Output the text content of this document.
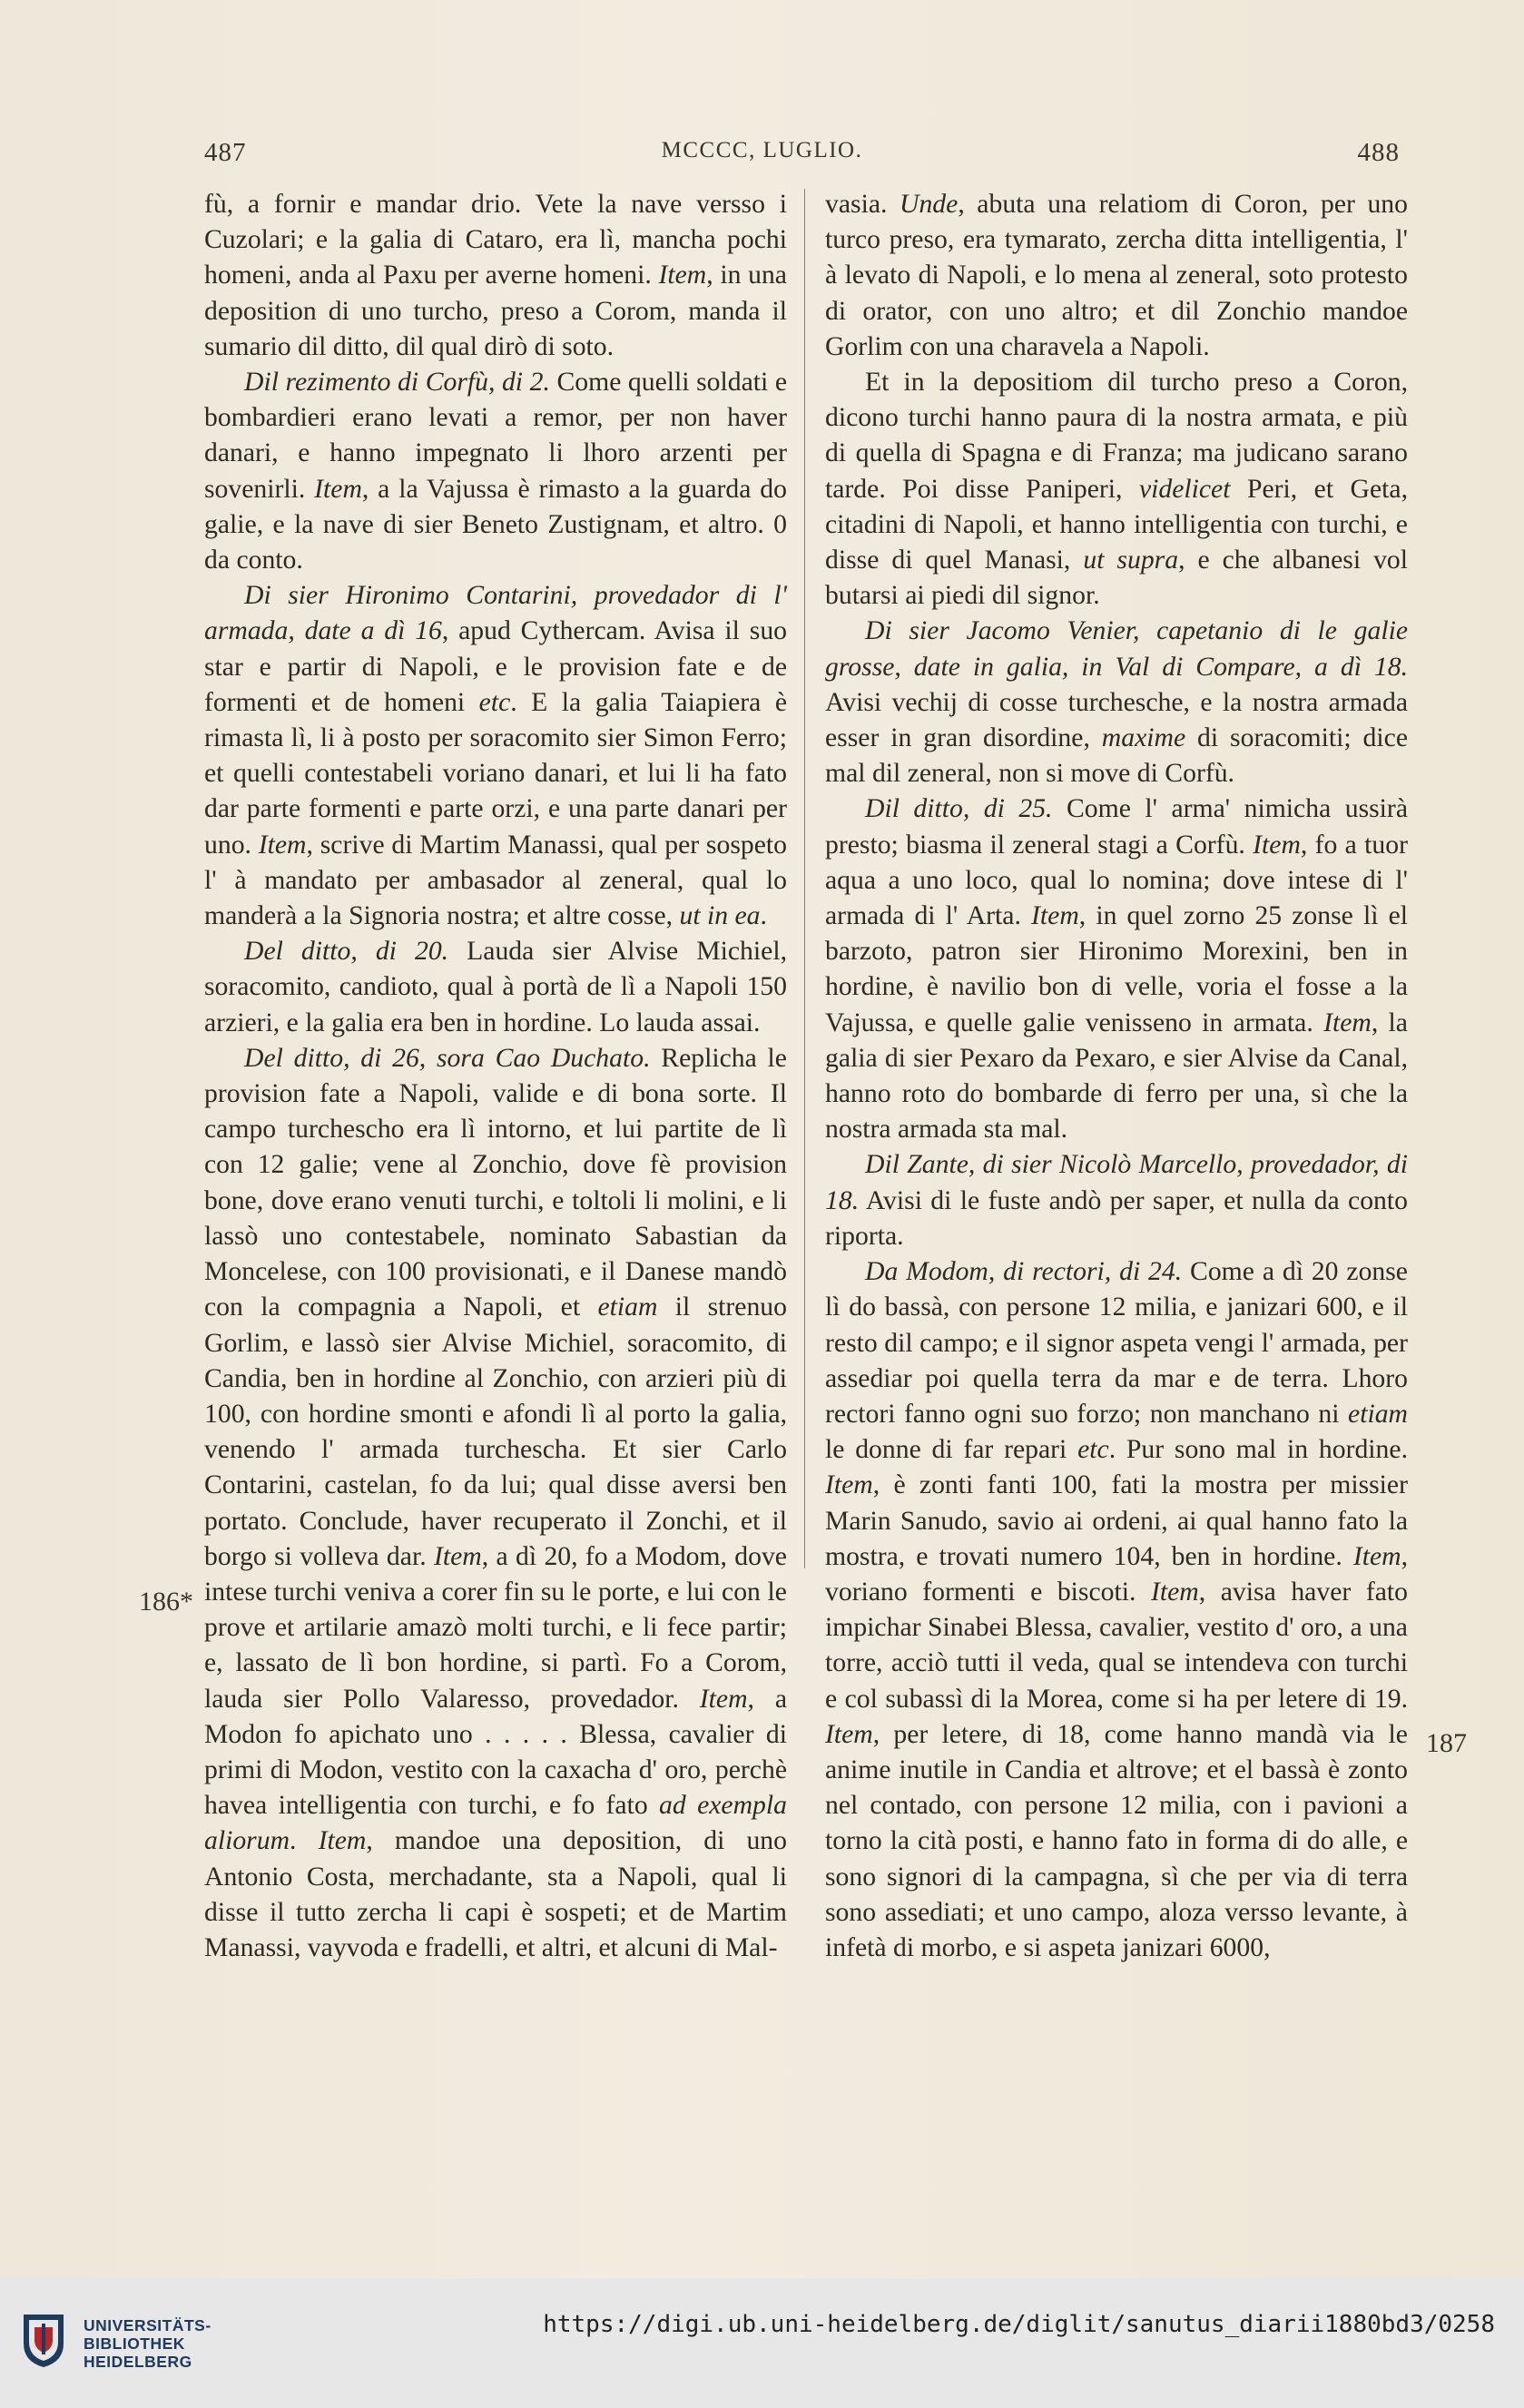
487	MCCCC, LUGLIO.	488

fù, a fornir e mandar drio. Vete la nave versso i Cuzolari; e la galia di Cataro, era lì, mancha pochi homeni, anda al Paxu per averne homeni. Item, in una deposition di uno turcho, preso a Corom, manda il sumario dil ditto, dil qual dirò di soto.

Dil rezimento di Corfù, di 2. Come quelli soldati e bombardieri erano levati a remor, per non haver danari, e hanno impegnato li lhoro arzenti per sovenirli. Item, a la Vajussa è rimasto a la guarda do galie, e la nave di sier Beneto Zustignam, et altro. 0 da conto.

Di sier Hironimo Contarini, provedador di l' armada, date a dì 16, apud Cythercam. Avisa il suo star e partir di Napoli, e le provision fate e de formenti et de homeni etc. E la galia Taiapiera è rimasta lì, li à posto per soracomito sier Simon Ferro; et quelli contestabeli voriano danari, et lui li ha fato dar parte formenti e parte orzi, e una parte danari per uno. Item, scrive di Martim Manassi, qual per sospeto l' à mandato per ambasador al zeneral, qual lo manderà a la Signoria nostra; et altre cosse, ut in ea.

Del ditto, di 20. Lauda sier Alvise Michiel, soracomito, candioto, qual à portà de lì a Napoli 150 arzieri, e la galia era ben in hordine. Lo lauda assai.

Del ditto, di 26, sora Cao Duchato. Replicha le provision fate a Napoli, valide e di bona sorte. Il campo turchescho era lì intorno, et lui partite de lì con 12 galie; vene al Zonchio, dove fè provision bone, dove erano venuti turchi, e toltoli li molini, e li lassò uno contestabele, nominato Sabastian da Moncelese, con 100 provisionati, e il Danese mandò con la compagnia a Napoli, et etiam il strenuo Gorlim, e lassò sier Alvise Michiel, soracomito, di Candia, ben in hordine al Zonchio, con arzieri più di 100, con hordine smonti e afondi lì al porto la galia, venendo l' armada turchescha. Et sier Carlo Contarini, castelan, fo da lui; qual disse aversi ben portato. Conclude, haver recuperato il Zonchi, et il borgo si volleva dar. Item, a dì 20, fo a Modom, dove intese turchi veniva a corer fin su le porte, e lui con le prove et artilarie amazò molti turchi, e li fece partir; e, lassato de lì bon hordine, si partì. Fo a Corom, lauda sier Pollo Valaresso, provedador. Item, a Modon fo apichato uno . . . . . Blessa, cavalier di primi di Modon, vestito con la caxacha d' oro, perchè havea intelligentia con turchi, e fo fato ad exempla aliorum. Item, mandoe una deposition, di uno Antonio Costa, merchadante, sta a Napoli, qual li disse il tutto zercha li capi è sospeti; et de Martim Manassi, vayvoda e fradelli, et altri, et alcuni di Mal-

vasia. Unde, abuta una relatiom di Coron, per uno turco preso, era tymarato, zercha ditta intelligentia, l' à levato di Napoli, e lo mena al zeneral, soto protesto di orator, con uno altro; et dil Zonchio mandoe Gorlim con una charavela a Napoli.

Et in la depositiom dil turcho preso a Coron, dicono turchi hanno paura di la nostra armata, e più di quella di Spagna e di Franza; ma judicano sarano tarde. Poi disse Paniperi, videlicet Peri, et Geta, citadini di Napoli, et hanno intelligentia con turchi, e disse di quel Manasi, ut supra, e che albanesi vol butarsi ai piedi dil signor.

Di sier Jacomo Venier, capetanio di le galie grosse, date in galia, in Val di Compare, a dì 18. Avisi vechij di cosse turchesche, e la nostra armada esser in gran disordine, maxime di soracomiti; dice mal dil zeneral, non si move di Corfù.

Dil ditto, di 25. Come l' arma' nimicha ussirà presto; biasma il zeneral stagi a Corfù. Item, fo a tuor aqua a uno loco, qual lo nomina; dove intese di l' armada di l' Arta. Item, in quel zorno 25 zonse lì el barzoto, patron sier Hironimo Morexini, ben in hordine, è navilio bon di velle, voria el fosse a la Vajussa, e quelle galie venisseno in armata. Item, la galia di sier Pexaro da Pexaro, e sier Alvise da Canal, hanno roto do bombarde di ferro per una, sì che la nostra armada sta mal.

Dil Zante, di sier Nicolò Marcello, provedador, di 18. Avisi di le fuste andò per saper, et nulla da conto riporta.

Da Modom, di rectori, di 24. Come a dì 20 zonse lì do bassà, con persone 12 milia, e janizari 600, e il resto dil campo; e il signor aspeta vengi l' armada, per assediar poi quella terra da mar e de terra. Lhoro rectori fanno ogni suo forzo; non manchano ni etiam le donne di far repari etc. Pur sono mal in hordine. Item, è zonti fanti 100, fati la mostra per missier Marin Sanudo, savio ai ordeni, ai qual hanno fato la mostra, e trovati numero 104, ben in hordine. Item, voriano formenti e biscoti. Item, avisa haver fato impichar Sinabei Blessa, cavalier, vestito d' oro, a una torre, acciò tutti il veda, qual se intendeva con turchi e col subassì di la Morea, come si ha per letere di 19. Item, per letere, di 18, come hanno mandà via le anime inutile in Candia et altrove; et el bassà è zonto nel contado, con persone 12 milia, con i pavioni a torno la cità posti, e hanno fato in forma di do alle, e sono signori di la campagna, sì che per via di terra sono assediati; et uno campo, aloza versso levante, à infetà di morbo, e si aspeta janizari 6000,

186*
187
UNIVERSITÄTS-
BIBLIOTHEK
HEIDELBERG
https://digi.ub.uni-heidelberg.de/diglit/sanutus_diarii1880bd3/0258
